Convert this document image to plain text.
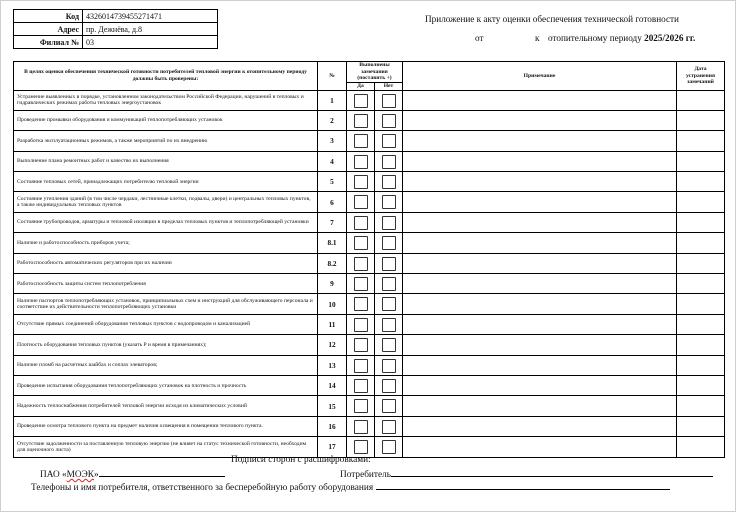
Код	4326014739455271471
Адрес	пр. Дежнёва, д.8
Филиал №	03
Приложение к акту оценки обеспечения технической готовности
от	к отопительному периоду 2025/2026 гг.
В целях оценки обеспечения технической готовности потребителей тепловой энергии к отопительному периоду должны быть проверены:	№	Выполнены замечания (поставить +)		Примечание	Дата устранения замечаний
		Да	Нет		
Устранение выявленных в порядке, установленном законодательством Российской Федерации, нарушений в тепловых и гидравлических режимах работы тепловых энергоустановок	1				
Проведение промывки оборудования и коммуникаций теплопотребляющих установок	2				
Разработка эксплуатационных режимов, а также мероприятий по их внедрению	3				
Выполнение плана ремонтных работ и качество их выполнения	4				
Состояние тепловых сетей, принадлежащих потребителю тепловой энергии	5				
Состояние утепления зданий (в том числе чердаки, лестничные клетки, подвалы, двери) и центральных тепловых пунктов, а также индивидуальных тепловых пунктов	6				
Состояние трубопроводов, арматуры и тепловой изоляции в пределах тепловых пунктов и теплопотребляющей установки	7				
Наличие и работоспособность приборов учета;	8.1				
Работоспособность автоматических регуляторов при их наличии	8.2				
Работоспособность защиты систем теплопотребления	9				
Наличие паспортов теплопотребляющих установок, принципиальных схем и инструкций для обслуживающего персонала и соответствие их действительности теплопотребляющих установки	10				
Отсутствие прямых соединений оборудования тепловых пунктов с водопроводом и канализацией	11				
Плотность оборудования тепловых пунктов (указать P и время в примечаниях);	12				
Наличие пломб на расчетных шайбах и соплах элеваторов;	13				
Проведение испытания оборудования теплопотребляющих установок на плотность и прочность	14				
Надежность теплоснабжения потребителей тепловой энергии исходя из климатических условий	15				
Проведение осмотра теплового пункта на предмет наличия освещения в помещении теплового пункта.	16				
Отсутствие задолженности за поставленную тепловую энергию (не влияет на статус технической готовности, необходим для оценочного листа)	17				
Подписи сторон с расшифровками:
ПАО «МОЭК»	Потребитель
Телефоны и имя потребителя, ответственного за бесперебойную работу оборудования
